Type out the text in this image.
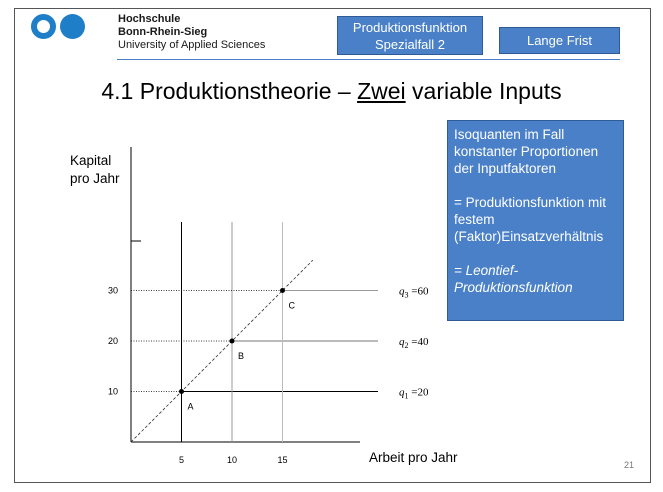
Hochschule
Bonn-Rhein-Sieg
University of Applied Sciences
Produktionsfunktion
Spezialfall 2	Lange Frist
4.1 Produktionstheorie – Zwei variable Inputs

Isoquanten im Fall konstanter Proportionen der Inputfaktoren

= Produktionsfunktion mit festem (Faktor)Einsatzverhältnis

= Leontief-Produktionsfunktion

Kapital
pro Jahr
Arbeit pro Jahr
A
$q_1 =20$
B
$q_2 =40$
C
$q_3 =60$
10
20
30
5	10	15	21
